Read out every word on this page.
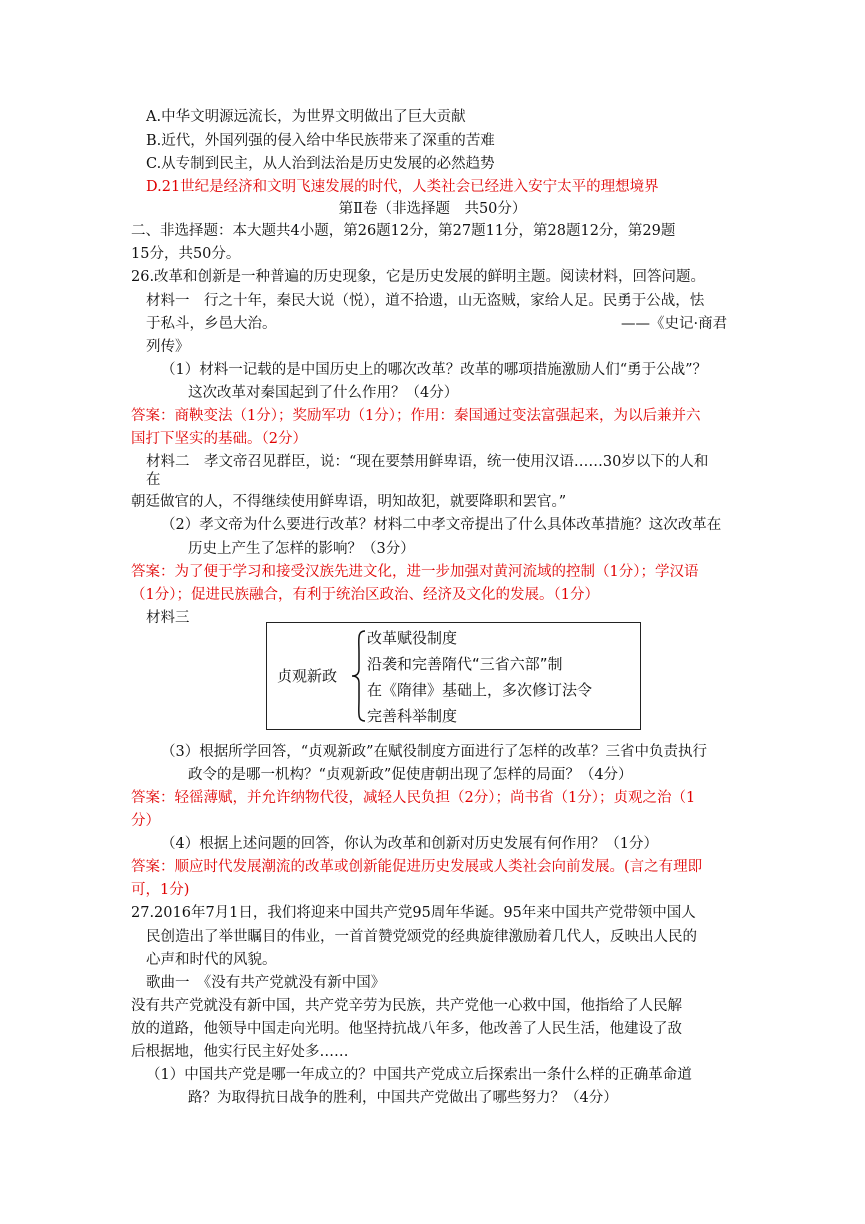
A.中华文明源远流长，为世界文明做出了巨大贡献
B.近代，外国列强的侵入给中华民族带来了深重的苦难
C.从专制到民主，从人治到法治是历史发展的必然趋势
D.21世纪是经济和文明飞速发展的时代，人类社会已经进入安宁太平的理想境界
第Ⅱ卷（非选择题　共50分）
二、非选择题：本大题共4小题，第26题12分，第27题11分，第28题12分，第29题
15分，共50分。
26.改革和创新是一种普遍的历史现象，它是历史发展的鲜明主题。阅读材料，回答问题。
材料一　行之十年，秦民大说（悦），道不拾遗，山无盗贼，家给人足。民勇于公战，怯
于私斗，乡邑大治。	——《史记·商君
列传》
（1）材料一记载的是中国历史上的哪次改革？改革的哪项措施激励人们“勇于公战”？
这次改革对秦国起到了什么作用？（4分）
答案：商鞅变法（1分）；奖励军功（1分）；作用：秦国通过变法富强起来，为以后兼并六
国打下坚实的基础。（2分）
材料二　孝文帝召见群臣，说：“现在要禁用鲜卑语，统一使用汉语……30岁以下的人和
在
朝廷做官的人，不得继续使用鲜卑语，明知故犯，就要降职和罢官。”
（2）孝文帝为什么要进行改革？材料二中孝文帝提出了什么具体改革措施？这次改革在
历史上产生了怎样的影响？（3分）
答案：为了便于学习和接受汉族先进文化，进一步加强对黄河流域的控制（1分）；学汉语
（1分）；促进民族融合，有利于统治区政治、经济及文化的发展。（1分）
材料三
贞观新政
改革赋役制度
沿袭和完善隋代“三省六部”制
在《隋律》基础上，多次修订法令
完善科举制度
（3）根据所学回答，“贞观新政”在赋役制度方面进行了怎样的改革？三省中负责执行
政令的是哪一机构？“贞观新政”促使唐朝出现了怎样的局面？（4分）
答案：轻徭薄赋，并允许纳物代役，减轻人民负担（2分）；尚书省（1分）；贞观之治（1
分）
（4）根据上述问题的回答，你认为改革和创新对历史发展有何作用？（1分）
答案：顺应时代发展潮流的改革或创新能促进历史发展或人类社会向前发展。(言之有理即
可，1分)
27.2016年7月1日，我们将迎来中国共产党95周年华诞。95年来中国共产党带领中国人
民创造出了举世瞩目的伟业，一首首赞党颂党的经典旋律激励着几代人，反映出人民的
心声和时代的风貌。
歌曲一　《没有共产党就没有新中国》
没有共产党就没有新中国，共产党辛劳为民族，共产党他一心救中国，他指给了人民解
放的道路，他领导中国走向光明。他坚持抗战八年多，他改善了人民生活，他建设了敌
后根据地，他实行民主好处多……
（1）中国共产党是哪一年成立的？中国共产党成立后探索出一条什么样的正确革命道
路？为取得抗日战争的胜利，中国共产党做出了哪些努力？（4分）
